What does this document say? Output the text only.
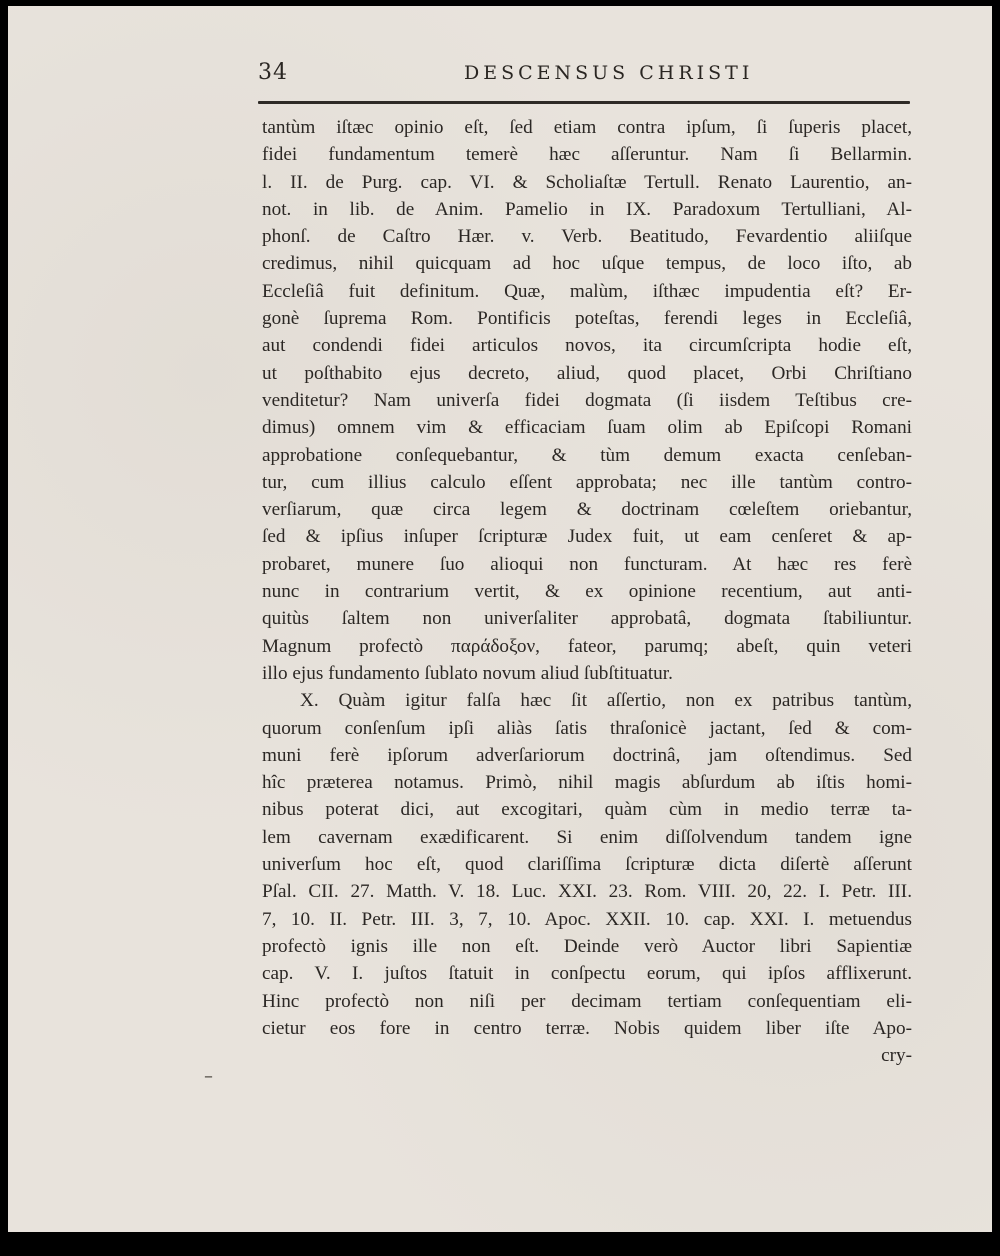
34	DESCENSUS CHRISTI
tantùm iſtæc opinio eſt, ſed etiam contra ipſum, ſi ſuperis placet,
fidei fundamentum temerè hæc aſſeruntur. Nam ſi Bellarmin.
l. II. de Purg. cap. VI. & Scholiaſtæ Tertull. Renato Laurentio, an-
not. in lib. de Anim. Pamelio in IX. Paradoxum Tertulliani, Al-
phonſ. de Caſtro Hær. v. Verb. Beatitudo, Fevardentio aliiſque
credimus, nihil quicquam ad hoc uſque tempus, de loco iſto, ab
Eccleſiâ fuit definitum. Quæ, malùm, iſthæc impudentia eſt? Er-
gonè ſuprema Rom. Pontificis poteſtas, ferendi leges in Eccleſiâ,
aut condendi fidei articulos novos, ita circumſcripta hodie eſt,
ut poſthabito ejus decreto, aliud, quod placet, Orbi Chriſtiano
venditetur? Nam univerſa fidei dogmata (ſi iisdem Teſtibus cre-
dimus) omnem vim & efficaciam ſuam olim ab Epiſcopi Romani
approbatione conſequebantur, & tùm demum exacta cenſeban-
tur, cum illius calculo eſſent approbata; nec ille tantùm contro-
verſiarum, quæ circa legem & doctrinam cœleſtem oriebantur,
ſed & ipſius inſuper ſcripturæ Judex fuit, ut eam cenſeret & ap-
probaret, munere ſuo alioqui non functuram. At hæc res ferè
nunc in contrarium vertit, & ex opinione recentium, aut anti-
quitùs ſaltem non univerſaliter approbatâ, dogmata ſtabiliuntur.
Magnum profectò παράδοξον, fateor, parumq; abeſt, quin veteri
illo ejus fundamento ſublato novum aliud ſubſtituatur.
X. Quàm igitur falſa hæc ſit aſſertio, non ex patribus tantùm,
quorum conſenſum ipſi aliàs ſatis thraſonicè jactant, ſed & com-
muni ferè ipſorum adverſariorum doctrinâ, jam oſtendimus. Sed
hîc præterea notamus. Primò, nihil magis abſurdum ab iſtis homi-
nibus poterat dici, aut excogitari, quàm cùm in medio terræ ta-
lem cavernam exædificarent. Si enim diſſolvendum tandem igne
univerſum hoc eſt, quod clariſſima ſcripturæ dicta diſertè aſſerunt
Pſal. CII. 27. Matth. V. 18. Luc. XXI. 23. Rom. VIII. 20, 22. I. Petr. III.
7, 10. II. Petr. III. 3, 7, 10. Apoc. XXII. 10. cap. XXI. I. metuendus
profectò ignis ille non eſt. Deinde verò Auctor libri Sapientiæ
cap. V. I. juſtos ſtatuit in conſpectu eorum, qui ipſos afflixerunt.
Hinc profectò non niſi per decimam tertiam conſequentiam eli-
cietur eos fore in centro terræ. Nobis quidem liber iſte Apo-
cry-
–
